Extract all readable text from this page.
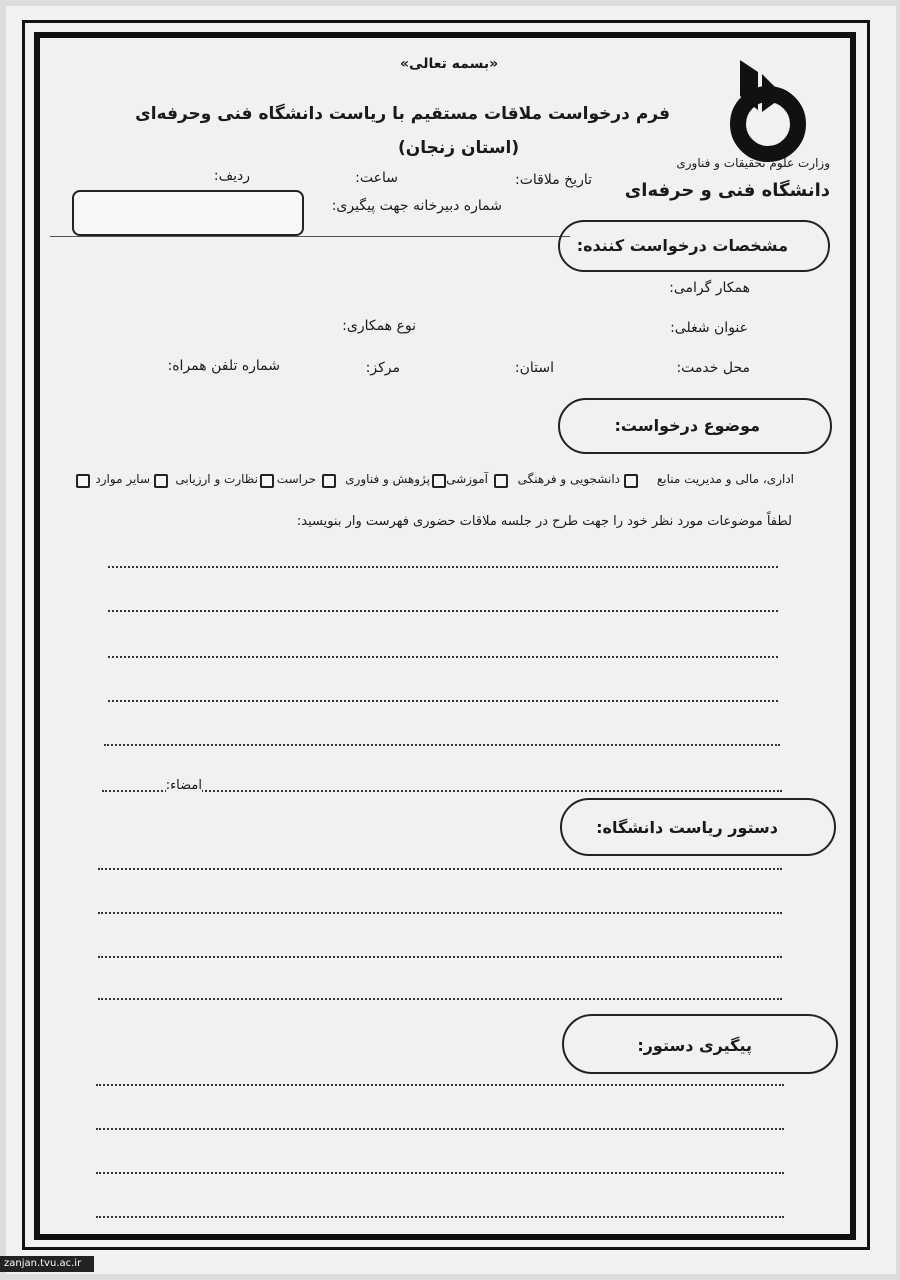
وزارت علوم تحقیقات و فناوری
دانشگاه فنی و حرفه‌ای
«بسمه تعالی»
فرم درخواست ملاقات مستقیم با ریاست دانشگاه فنی وحرفه‌ای
(استان زنجان)
تاریخ ملاقات:
ساعت:
ردیف:
شماره دبیرخانه جهت پیگیری:
مشخصات درخواست کننده:
همکار گرامی:
عنوان شغلی:
نوع همکاری:
محل خدمت:
استان:
مرکز:
شماره تلفن همراه:
موضوع درخواست:
اداری، مالی و مدیریت منابع
دانشجویی و فرهنگی
آموزشی
پژوهش و فناوری
حراست
نظارت و ارزیابی
سایر موارد
لطفاً موضوعات مورد نظر خود را جهت طرح در جلسه ملاقات حضوری فهرست وار بنویسید:
امضاء:
دستور ریاست دانشگاه:
پیگیری دستور:
zanjan.tvu.ac.ir
